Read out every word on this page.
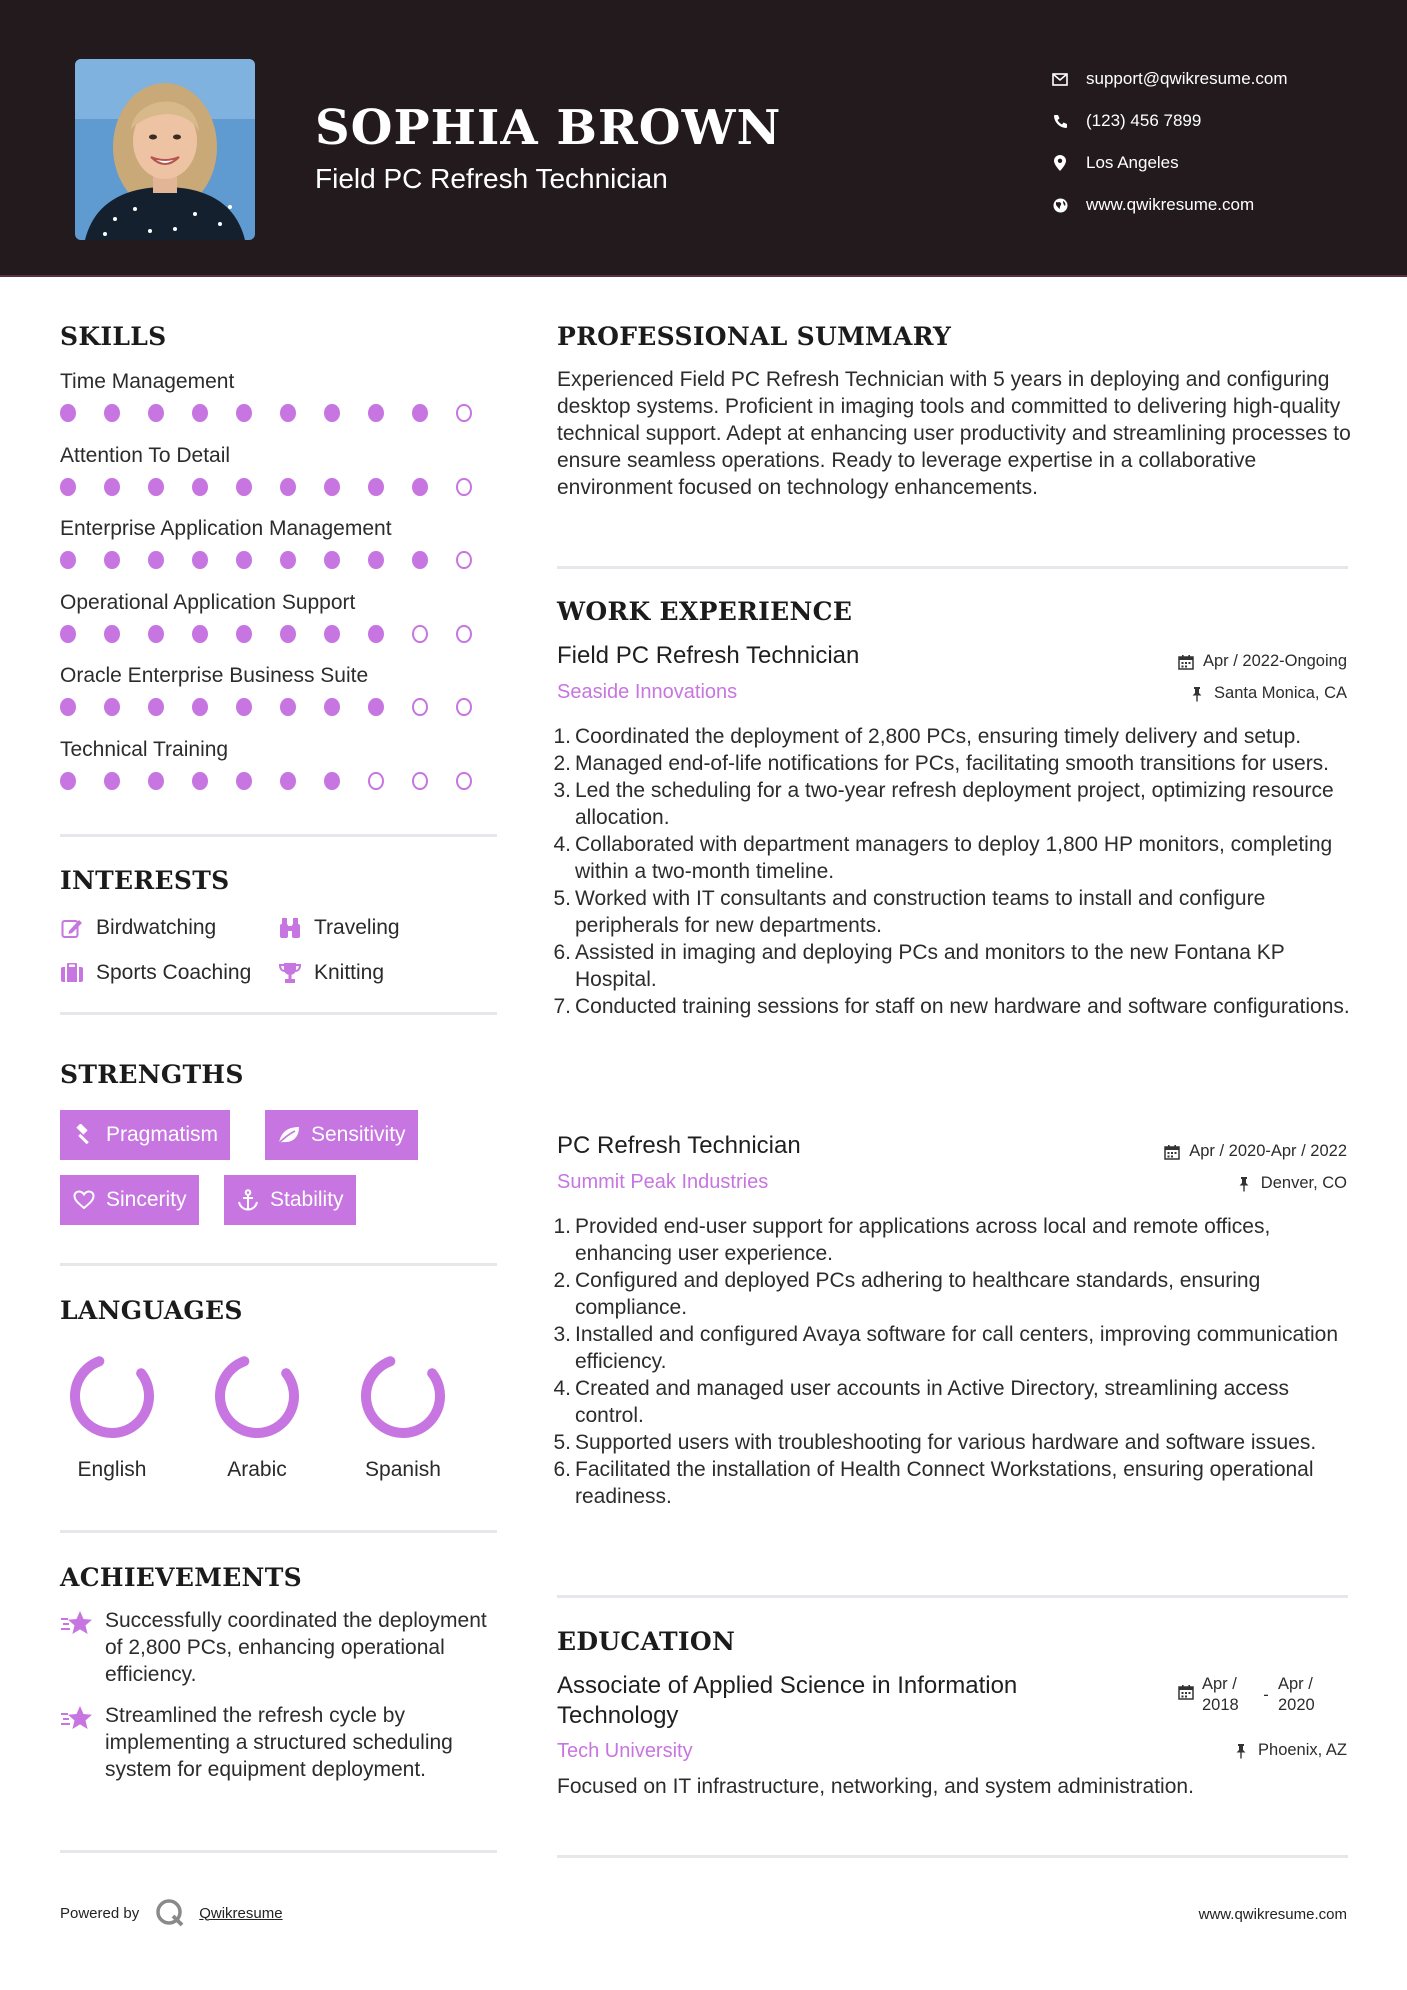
SOPHIA BROWN
Field PC Refresh Technician
support@qwikresume.com
(123) 456 7899
Los Angeles
www.qwikresume.com
SKILLS
Time Management
Attention To Detail
Enterprise Application Management
Operational Application Support
Oracle Enterprise Business Suite
Technical Training
INTERESTS
Birdwatching	Traveling
Sports Coaching	Knitting
STRENGTHS
Pragmatism	Sensitivity
Sincerity	Stability
LANGUAGES
English	Arabic	Spanish
ACHIEVEMENTS
Successfully coordinated the deployment of 2,800 PCs, enhancing operational efficiency.
Streamlined the refresh cycle by implementing a structured scheduling system for equipment deployment.
PROFESSIONAL SUMMARY
Experienced Field PC Refresh Technician with 5 years in deploying and configuring desktop systems. Proficient in imaging tools and committed to delivering high-quality technical support. Adept at enhancing user productivity and streamlining processes to ensure seamless operations. Ready to leverage expertise in a collaborative environment focused on technology enhancements.
WORK EXPERIENCE
Field PC Refresh Technician	Apr / 2022-Ongoing
Seaside Innovations	Santa Monica, CA
1. Coordinated the deployment of 2,800 PCs, ensuring timely delivery and setup.
2. Managed end-of-life notifications for PCs, facilitating smooth transitions for users.
3. Led the scheduling for a two-year refresh deployment project, optimizing resource allocation.
4. Collaborated with department managers to deploy 1,800 HP monitors, completing within a two-month timeline.
5. Worked with IT consultants and construction teams to install and configure peripherals for new departments.
6. Assisted in imaging and deploying PCs and monitors to the new Fontana KP Hospital.
7. Conducted training sessions for staff on new hardware and software configurations.
PC Refresh Technician	Apr / 2020-Apr / 2022
Summit Peak Industries	Denver, CO
1. Provided end-user support for applications across local and remote offices, enhancing user experience.
2. Configured and deployed PCs adhering to healthcare standards, ensuring compliance.
3. Installed and configured Avaya software for call centers, improving communication efficiency.
4. Created and managed user accounts in Active Directory, streamlining access control.
5. Supported users with troubleshooting for various hardware and software issues.
6. Facilitated the installation of Health Connect Workstations, ensuring operational readiness.
EDUCATION
Associate of Applied Science in Information Technology
Apr / 2018
-
Apr / 2020
Tech University	Phoenix, AZ
Focused on IT infrastructure, networking, and system administration.
Powered by	Qwikresume	www.qwikresume.com
